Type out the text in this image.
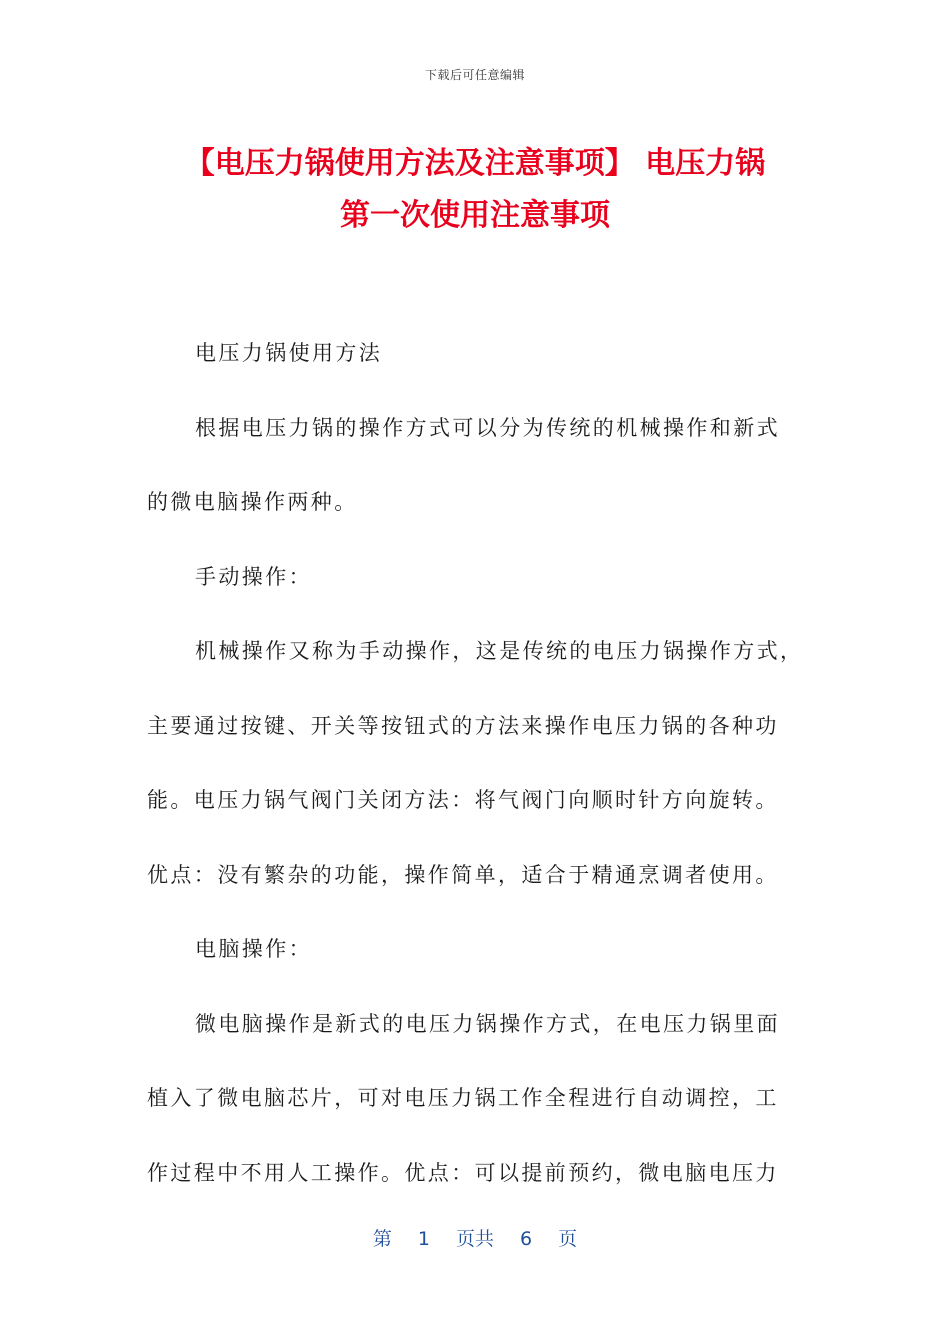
下载后可任意编辑
【电压力锅使用方法及注意事项】 电压力锅
第一次使用注意事项

电压力锅使用方法

根据电压力锅的操作方式可以分为传统的机械操作和新式

的微电脑操作两种。

手动操作：

机械操作又称为手动操作，这是传统的电压力锅操作方式，

主要通过按键、开关等按钮式的方法来操作电压力锅的各种功

能。电压力锅气阀门关闭方法：将气阀门向顺时针方向旋转。

优点：没有繁杂的功能，操作简单，适合于精通烹调者使用。

电脑操作：

微电脑操作是新式的电压力锅操作方式，在电压力锅里面

植入了微电脑芯片，可对电压力锅工作全程进行自动调控，工

作过程中不用人工操作。优点：可以提前预约，微电脑电压力

第 1 页共 6 页
